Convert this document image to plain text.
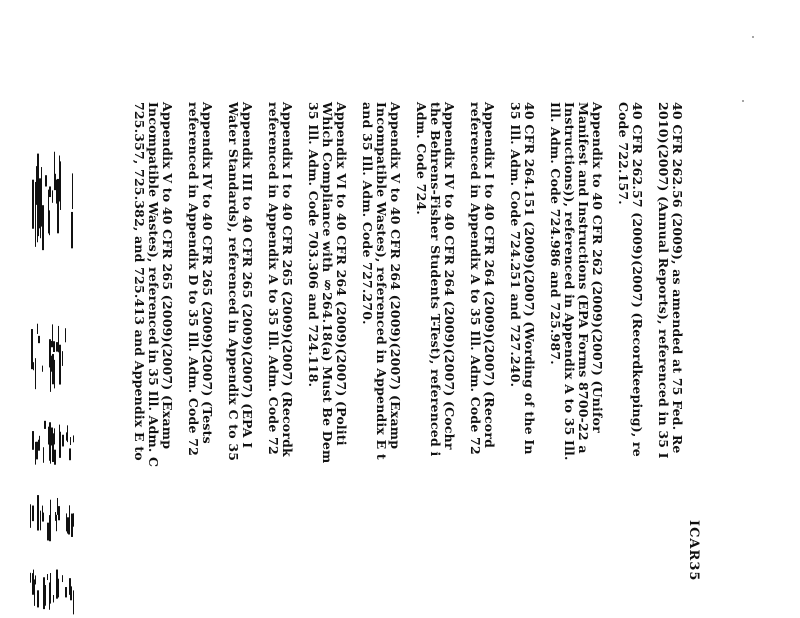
40 CFR 262.56 (2009), as amended at 75 Fed. Re
2010)(2007) (Annual Reports), referenced in 35 I
40 CFR 262.57 (2009)(2007) (Recordkeeping), re
Code 722.157.
Appendix to 40 CFR 262 (2009)(2007) (Unifor
Manifest and Instructions (EPA Forms 8700-22 a
Instructions)), referenced in Appendix A to 35 Ill.
Ill. Adm. Code 724.986 and 725.987.
40 CFR 264.151 (2009)(2007) (Wording of the In
35 Ill. Adm. Code 724.251 and 727.240.
Appendix I to 40 CFR 264 (2009)(2007) (Record
referenced in Appendix A to 35 Ill. Adm. Code 72
Appendix IV to 40 CFR 264 (2009)(2007) (Cochr
the Behrens-Fisher Students T-Test), referenced i
Adm. Code 724.
Appendix V to 40 CFR 264 (2009)(2007) (Examp
Incompatible Wastes), referenced in Appendix E t
and 35 Ill. Adm. Code 727.270.
Appendix VI to 40 CFR 264 (2009)(2007) (Politi
Which Compliance with §264.18(a) Must Be Dem
35 Ill. Adm. Code 703.306 and 724.118.
Appendix I to 40 CFR 265 (2009)(2007) (Recordk
referenced in Appendix A to 35 Ill. Adm. Code 72
Appendix III to 40 CFR 265 (2009)(2007) (EPA I
Water Standards), referenced in Appendix C to 35
Appendix IV to 40 CFR 265 (2009)(2007) (Tests
referenced in Appendix D to 35 Ill. Adm. Code 72
Appendix V to 40 CFR 265 (2009)(2007) (Examp
Incompatible Wastes), referenced in 35 Ill. Adm. C
725.357, 725.382, and 725.413 and Appendix E to
ICAR35
